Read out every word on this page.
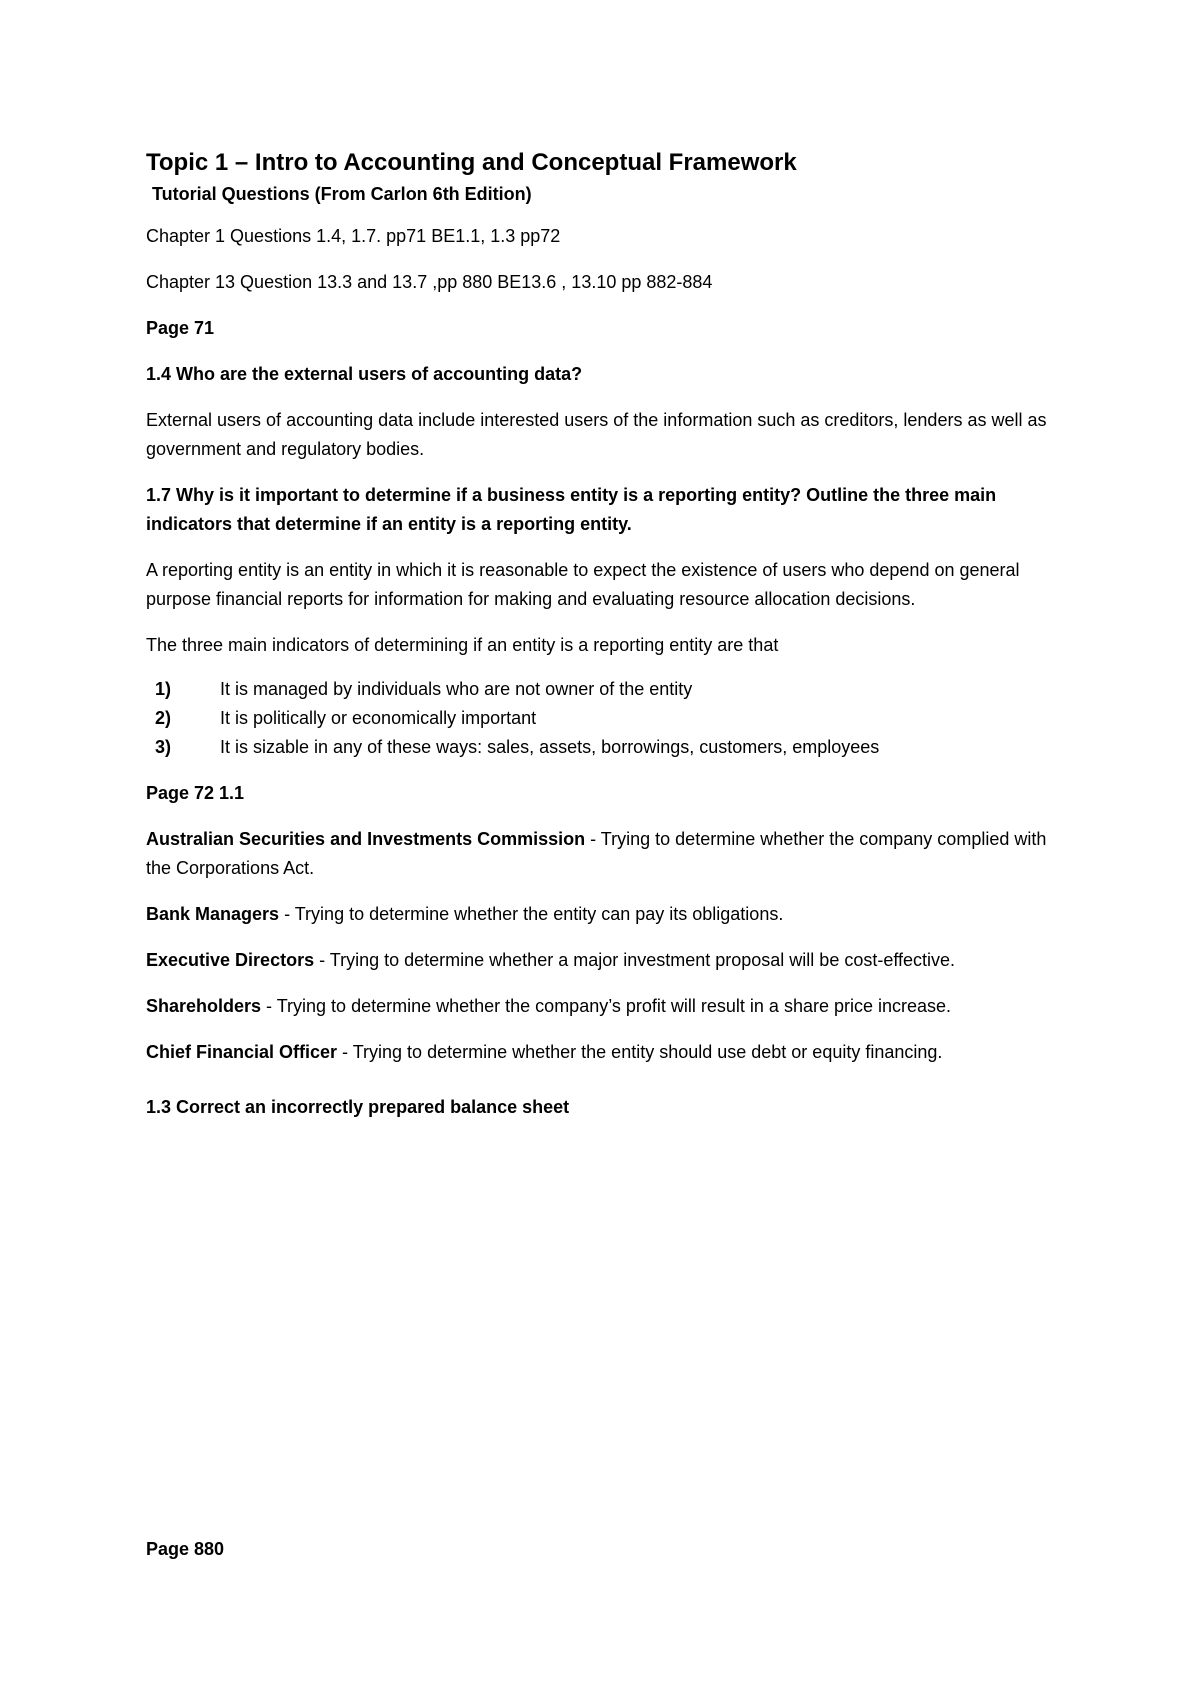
Topic 1 – Intro to Accounting and Conceptual Framework
Tutorial Questions (From Carlon 6th Edition)

Chapter 1 Questions 1.4, 1.7. pp71 BE1.1, 1.3 pp72

Chapter 13 Question 13.3 and 13.7 ,pp 880 BE13.6 , 13.10 pp 882-884

Page 71

1.4 Who are the external users of accounting data?

External users of accounting data include interested users of the information such as creditors, lenders as well as government and regulatory bodies.

1.7 Why is it important to determine if a business entity is a reporting entity? Outline the three main indicators that determine if an entity is a reporting entity.

A reporting entity is an entity in which it is reasonable to expect the existence of users who depend on general purpose financial reports for information for making and evaluating resource allocation decisions.

The three main indicators of determining if an entity is a reporting entity are that

1)	It is managed by individuals who are not owner of the entity
2)	It is politically or economically important
3)	It is sizable in any of these ways: sales, assets, borrowings, customers, employees

Page 72 1.1

Australian Securities and Investments Commission - Trying to determine whether the company complied with the Corporations Act.

Bank Managers - Trying to determine whether the entity can pay its obligations.

Executive Directors - Trying to determine whether a major investment proposal will be cost-effective.

Shareholders - Trying to determine whether the company’s profit will result in a share price increase.

Chief Financial Officer - Trying to determine whether the entity should use debt or equity financing.

1.3 Correct an incorrectly prepared balance sheet

Page 880
